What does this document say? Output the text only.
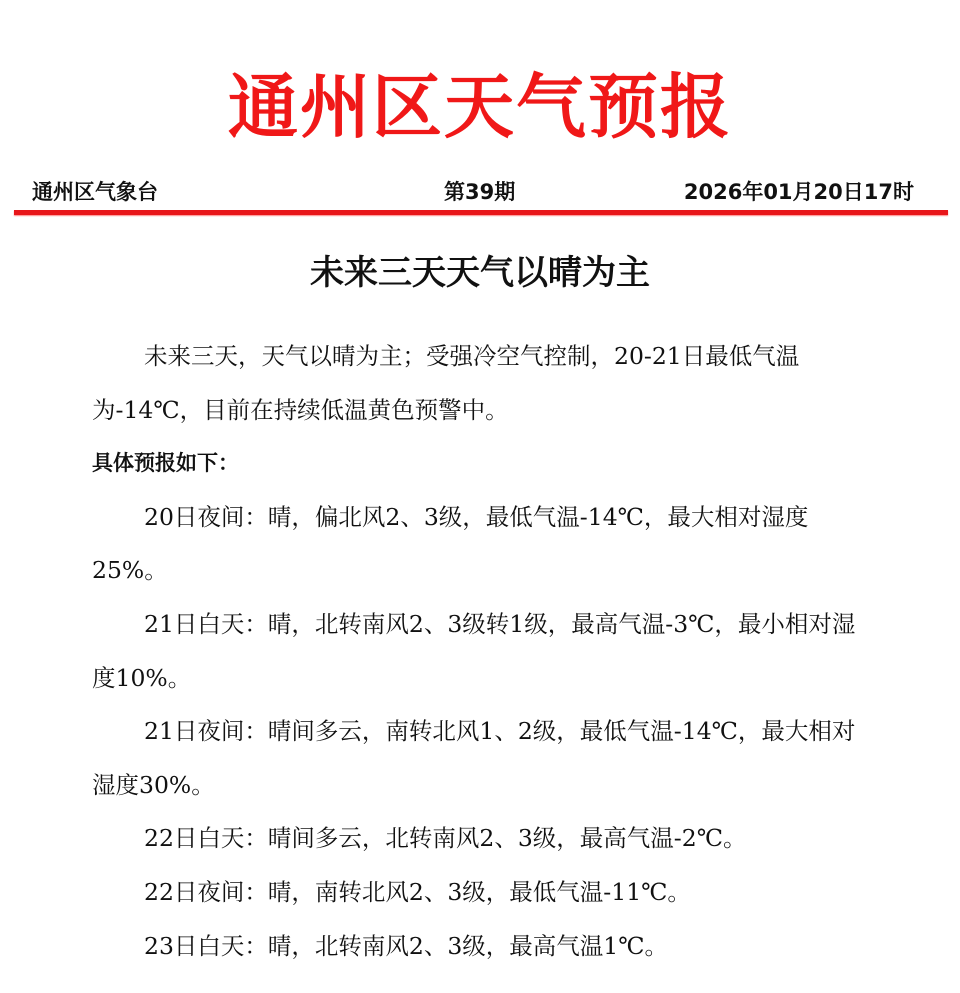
通州区天气预报
通州区气象台	第39期	2026年01月20日17时
未来三天天气以晴为主

未来三天，天气以晴为主；受强冷空气控制，20-21日最低气温为-14℃，目前在持续低温黄色预警中。

具体预报如下：

20日夜间：晴，偏北风2、3级，最低气温-14℃，最大相对湿度25%。

21日白天：晴，北转南风2、3级转1级，最高气温-3℃，最小相对湿度10%。

21日夜间：晴间多云，南转北风1、2级，最低气温-14℃，最大相对湿度30%。

22日白天：晴间多云，北转南风2、3级，最高气温-2℃。

22日夜间：晴，南转北风2、3级，最低气温-11℃。

23日白天：晴，北转南风2、3级，最高气温1℃。
